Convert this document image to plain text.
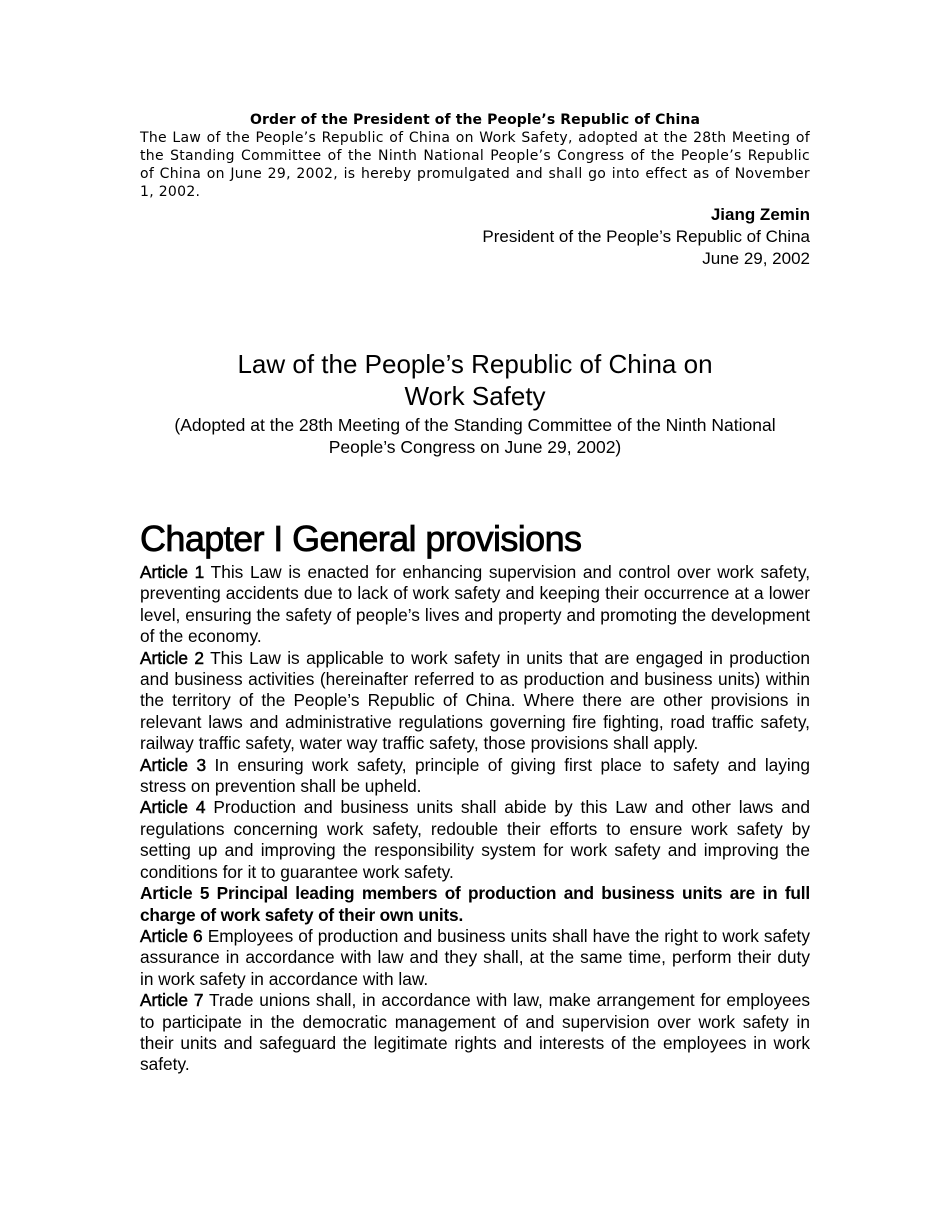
Order of the President of the People’s Republic of China

The Law of the People’s Republic of China on Work Safety, adopted at the 28th Meeting of the Standing Committee of the Ninth National People’s Congress of the People’s Republic of China on June 29, 2002, is hereby promulgated and shall go into effect as of November 1, 2002.

Jiang Zemin

President of the People’s Republic of China

June 29, 2002

Law of the People’s Republic of China on
Work Safety

(Adopted at the 28th Meeting of the Standing Committee of the Ninth National People’s Congress on June 29, 2002)

Chapter I General provisions

Article 1 This Law is enacted for enhancing supervision and control over work safety, preventing accidents due to lack of work safety and keeping their occurrence at a lower level, ensuring the safety of people’s lives and property and promoting the development of the economy.

Article 2 This Law is applicable to work safety in units that are engaged in production and business activities (hereinafter referred to as production and business units) within the territory of the People’s Republic of China. Where there are other provisions in relevant laws and administrative regulations governing fire fighting, road traffic safety, railway traffic safety, water way traffic safety, those provisions shall apply.

Article 3 In ensuring work safety, principle of giving first place to safety and laying stress on prevention shall be upheld.

Article 4 Production and business units shall abide by this Law and other laws and regulations concerning work safety, redouble their efforts to ensure work safety by setting up and improving the responsibility system for work safety and improving the conditions for it to guarantee work safety.

Article 5 Principal leading members of production and business units are in full charge of work safety of their own units.

Article 6 Employees of production and business units shall have the right to work safety assurance in accordance with law and they shall, at the same time, perform their duty in work safety in accordance with law.

Article 7 Trade unions shall, in accordance with law, make arrangement for employees to participate in the democratic management of and supervision over work safety in their units and safeguard the legitimate rights and interests of the employees in work safety.
